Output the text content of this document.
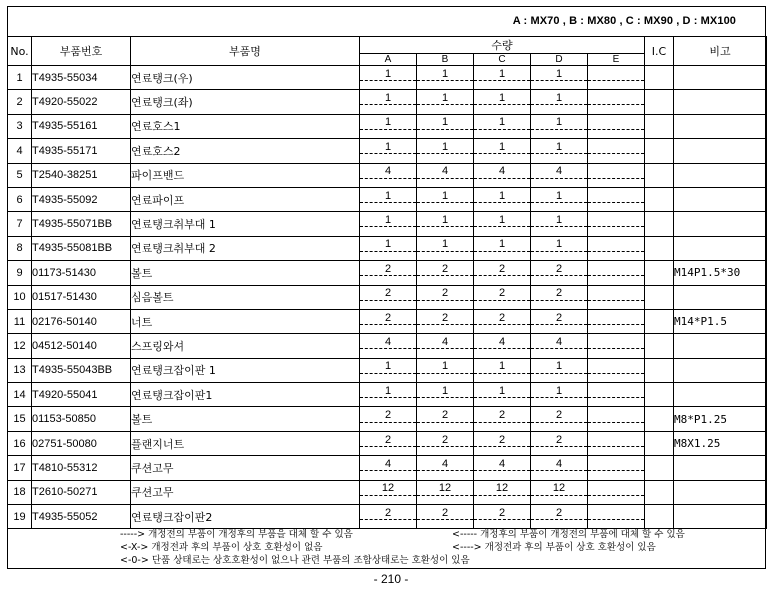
A : MX70 , B : MX80 , C : MX90 , D : MX100
No.	부품번호	부품명	수량					I.C	비고
			A	B	C	D	E		
1	T4935-55034	연료탱크(우)	1	1	1	1

2	T4920-55022	연료탱크(좌)	1	1	1	1

3	T4935-55161	연료호스1	1	1	1	1

4	T4935-55171	연료호스2	1	1	1	1

5	T2540-38251	파이프밴드	4	4	4	4

6	T4935-55092	연료파이프	1	1	1	1

7	T4935-55071BB	연료탱크취부대 1	1	1	1	1

8	T4935-55081BB	연료탱크취부대 2	1	1	1	1

9	01173-51430	볼트	2	2	2	2			M14P1.5*30
10	01517-51430	심음볼트	2	2	2	2

11	02176-50140	너트	2	2	2	2			M14*P1.5
12	04512-50140	스프링와셔	4	4	4	4

13	T4935-55043BB	연료탱크잡이판 1	1	1	1	1

14	T4920-55041	연료탱크잡이판1	1	1	1	1

15	01153-50850	볼트	2	2	2	2			M8*P1.25
16	02751-50080	플랜지너트	2	2	2	2			M8X1.25
17	T4810-55312	쿠션고무	4	4	4	4

18	T2610-50271	쿠션고무	12	12	12	12

19	T4935-55052	연료탱크잡이판2	2	2	2	2

-----> 개정전의 부품이 개정후의 부품을 대체 할 수 있음	<----- 개정후의 부품이 개정전의 부품에 대체 할 수 있음
<-X-> 개정전과 후의 부품이 상호 호환성이 없음	<----> 개정전과 후의 부품이 상호 호환성이 있음
<-0-> 단품 상태로는 상호호환성이 없으나 관련 부품의 조합상태로는 호환성이 있음
- 210 -
